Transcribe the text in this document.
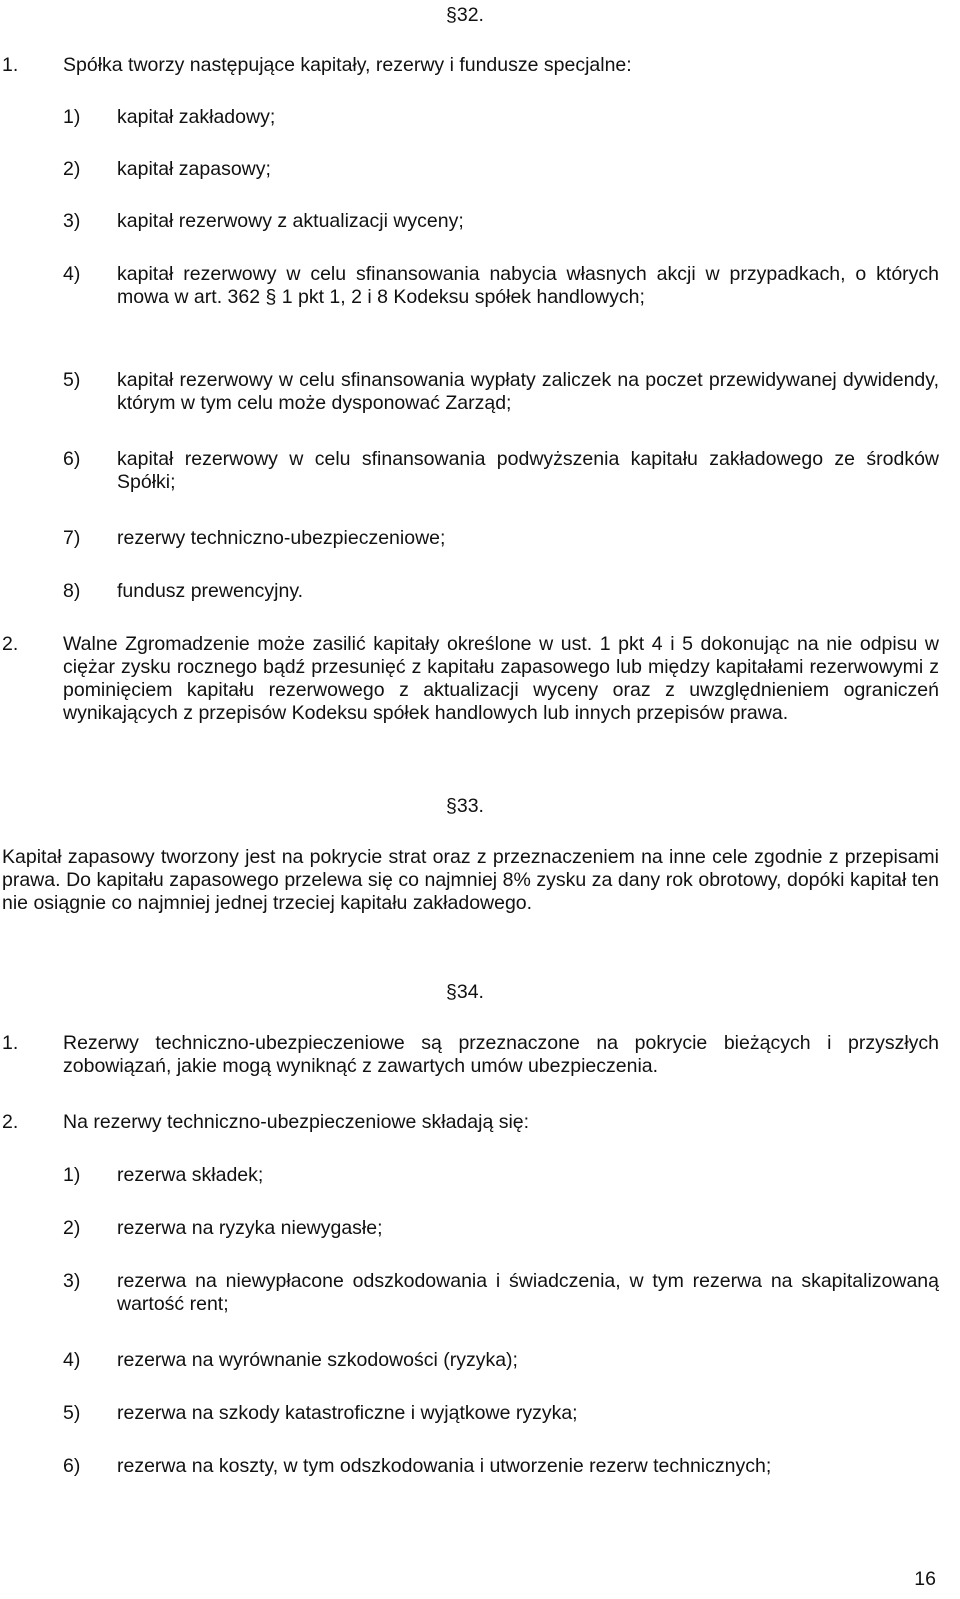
§32.
1. Spółka tworzy następujące kapitały, rezerwy i fundusze specjalne:
1) kapitał zakładowy;
2) kapitał zapasowy;
3) kapitał rezerwowy z aktualizacji wyceny;
4) kapitał rezerwowy w celu sfinansowania nabycia własnych akcji w przypadkach, o których mowa w art. 362 § 1 pkt 1, 2 i 8 Kodeksu spółek handlowych;
5) kapitał rezerwowy w celu sfinansowania wypłaty zaliczek na poczet przewidywanej dywidendy, którym w tym celu może dysponować Zarząd;
6) kapitał rezerwowy w celu sfinansowania podwyższenia kapitału zakładowego ze środków Spółki;
7) rezerwy techniczno-ubezpieczeniowe;
8) fundusz prewencyjny.
2. Walne Zgromadzenie może zasilić kapitały określone w ust. 1 pkt 4 i 5 dokonując na nie odpisu w ciężar zysku rocznego bądź przesunięć z kapitału zapasowego lub między kapitałami rezerwowymi z pominięciem kapitału rezerwowego z aktualizacji wyceny oraz z uwzględnieniem ograniczeń wynikających z przepisów Kodeksu spółek handlowych lub innych przepisów prawa.
§33.
Kapitał zapasowy tworzony jest na pokrycie strat oraz z przeznaczeniem na inne cele zgodnie z przepisami prawa. Do kapitału zapasowego przelewa się co najmniej 8% zysku za dany rok obrotowy, dopóki kapitał ten nie osiągnie co najmniej jednej trzeciej kapitału zakładowego.
§34.
1. Rezerwy techniczno-ubezpieczeniowe są przeznaczone na pokrycie bieżących i przyszłych zobowiązań, jakie mogą wyniknąć z zawartych umów ubezpieczenia.
2. Na rezerwy techniczno-ubezpieczeniowe składają się:
1) rezerwa składek;
2) rezerwa na ryzyka niewygasłe;
3) rezerwa na niewypłacone odszkodowania i świadczenia, w tym rezerwa na skapitalizowaną wartość rent;
4) rezerwa na wyrównanie szkodowości (ryzyka);
5) rezerwa na szkody katastroficzne i wyjątkowe ryzyka;
6) rezerwa na koszty, w tym odszkodowania i utworzenie rezerw technicznych;
16
